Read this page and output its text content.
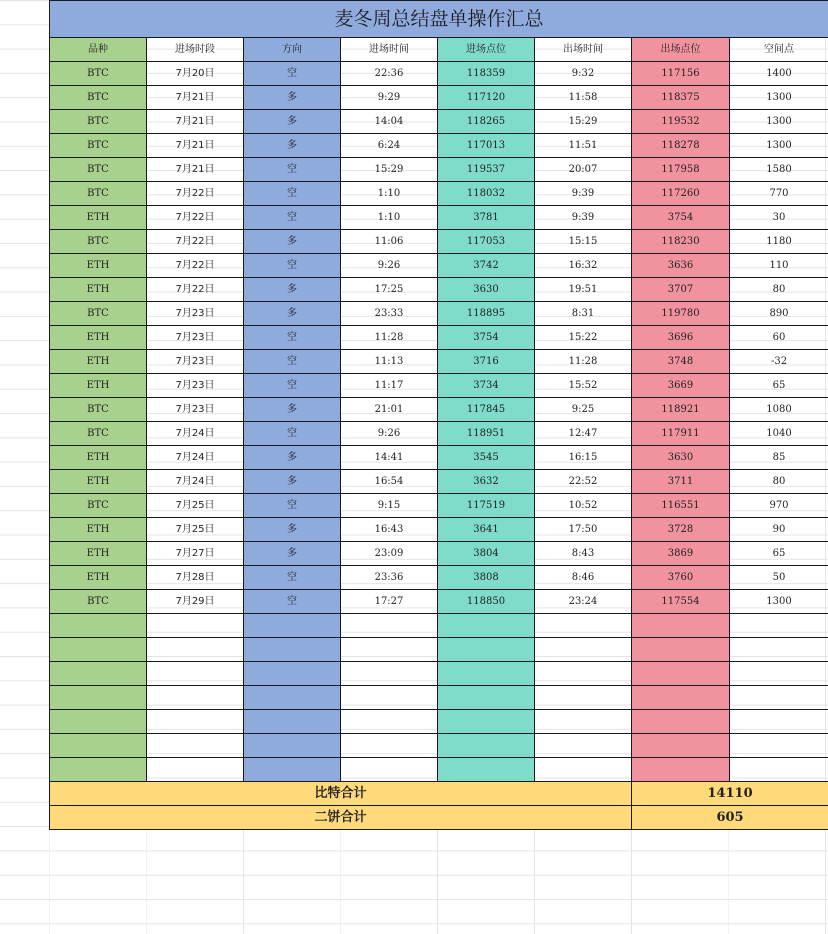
麦冬周总结盘单操作汇总							
品种	进场时段	方向	进场时间	进场点位	出场时间	出场点位	空间点
BTC	7月20日	空	22:36	118359	9:32	117156	1400
BTC	7月21日	多	9:29	117120	11:58	118375	1300
BTC	7月21日	多	14:04	118265	15:29	119532	1300
BTC	7月21日	多	6:24	117013	11:51	118278	1300
BTC	7月21日	空	15:29	119537	20:07	117958	1580
BTC	7月22日	空	1:10	118032	9:39	117260	770
ETH	7月22日	空	1:10	3781	9:39	3754	30
BTC	7月22日	多	11:06	117053	15:15	118230	1180
ETH	7月22日	空	9:26	3742	16:32	3636	110
ETH	7月22日	多	17:25	3630	19:51	3707	80
BTC	7月23日	多	23:33	118895	8:31	119780	890
ETH	7月23日	空	11:28	3754	15:22	3696	60
ETH	7月23日	空	11:13	3716	11:28	3748	-32
ETH	7月23日	空	11:17	3734	15:52	3669	65
BTC	7月23日	多	21:01	117845	9:25	118921	1080
BTC	7月24日	空	9:26	118951	12:47	117911	1040
ETH	7月24日	多	14:41	3545	16:15	3630	85
ETH	7月24日	多	16:54	3632	22:52	3711	80
BTC	7月25日	空	9:15	117519	10:52	116551	970
ETH	7月25日	多	16:43	3641	17:50	3728	90
ETH	7月27日	多	23:09	3804	8:43	3869	65
ETH	7月28日	空	23:36	3808	8:46	3760	50
BTC	7月29日	空	17:27	118850	23:24	117554	1300

比特合计						14110	
二饼合计						605	
